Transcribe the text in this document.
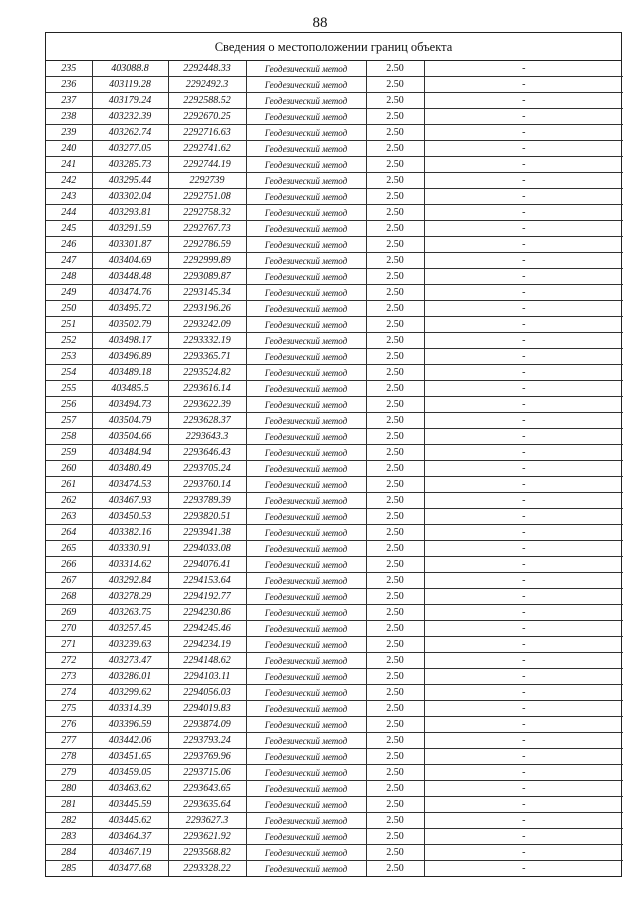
88
Сведения о местоположении границ объекта
235	403088.8	2292448.33	Геодезический метод	2.50	-
236	403119.28	2292492.3	Геодезический метод	2.50	-
237	403179.24	2292588.52	Геодезический метод	2.50	-
238	403232.39	2292670.25	Геодезический метод	2.50	-
239	403262.74	2292716.63	Геодезический метод	2.50	-
240	403277.05	2292741.62	Геодезический метод	2.50	-
241	403285.73	2292744.19	Геодезический метод	2.50	-
242	403295.44	2292739	Геодезический метод	2.50	-
243	403302.04	2292751.08	Геодезический метод	2.50	-
244	403293.81	2292758.32	Геодезический метод	2.50	-
245	403291.59	2292767.73	Геодезический метод	2.50	-
246	403301.87	2292786.59	Геодезический метод	2.50	-
247	403404.69	2292999.89	Геодезический метод	2.50	-
248	403448.48	2293089.87	Геодезический метод	2.50	-
249	403474.76	2293145.34	Геодезический метод	2.50	-
250	403495.72	2293196.26	Геодезический метод	2.50	-
251	403502.79	2293242.09	Геодезический метод	2.50	-
252	403498.17	2293332.19	Геодезический метод	2.50	-
253	403496.89	2293365.71	Геодезический метод	2.50	-
254	403489.18	2293524.82	Геодезический метод	2.50	-
255	403485.5	2293616.14	Геодезический метод	2.50	-
256	403494.73	2293622.39	Геодезический метод	2.50	-
257	403504.79	2293628.37	Геодезический метод	2.50	-
258	403504.66	2293643.3	Геодезический метод	2.50	-
259	403484.94	2293646.43	Геодезический метод	2.50	-
260	403480.49	2293705.24	Геодезический метод	2.50	-
261	403474.53	2293760.14	Геодезический метод	2.50	-
262	403467.93	2293789.39	Геодезический метод	2.50	-
263	403450.53	2293820.51	Геодезический метод	2.50	-
264	403382.16	2293941.38	Геодезический метод	2.50	-
265	403330.91	2294033.08	Геодезический метод	2.50	-
266	403314.62	2294076.41	Геодезический метод	2.50	-
267	403292.84	2294153.64	Геодезический метод	2.50	-
268	403278.29	2294192.77	Геодезический метод	2.50	-
269	403263.75	2294230.86	Геодезический метод	2.50	-
270	403257.45	2294245.46	Геодезический метод	2.50	-
271	403239.63	2294234.19	Геодезический метод	2.50	-
272	403273.47	2294148.62	Геодезический метод	2.50	-
273	403286.01	2294103.11	Геодезический метод	2.50	-
274	403299.62	2294056.03	Геодезический метод	2.50	-
275	403314.39	2294019.83	Геодезический метод	2.50	-
276	403396.59	2293874.09	Геодезический метод	2.50	-
277	403442.06	2293793.24	Геодезический метод	2.50	-
278	403451.65	2293769.96	Геодезический метод	2.50	-
279	403459.05	2293715.06	Геодезический метод	2.50	-
280	403463.62	2293643.65	Геодезический метод	2.50	-
281	403445.59	2293635.64	Геодезический метод	2.50	-
282	403445.62	2293627.3	Геодезический метод	2.50	-
283	403464.37	2293621.92	Геодезический метод	2.50	-
284	403467.19	2293568.82	Геодезический метод	2.50	-
285	403477.68	2293328.22	Геодезический метод	2.50	-
